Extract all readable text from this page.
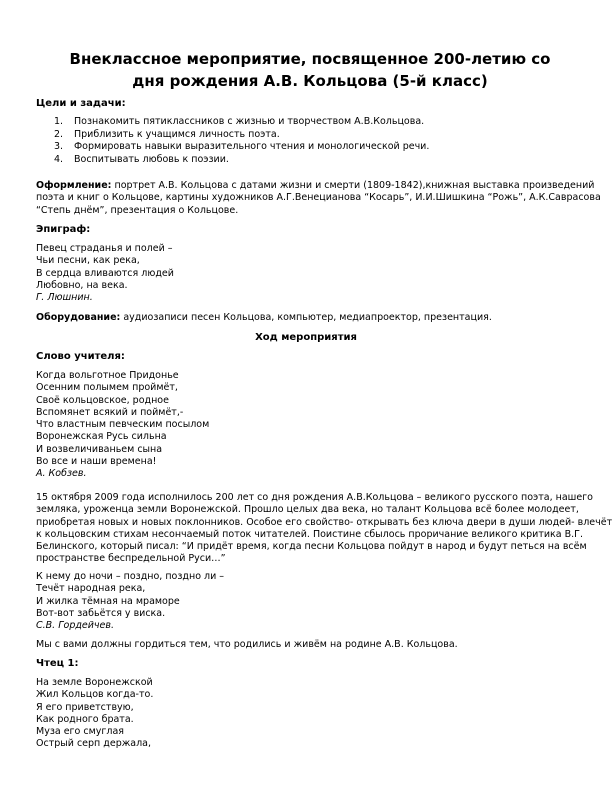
Внеклассное мероприятие, посвященное 200-летию со
дня рождения А.В. Кольцова (5-й класс)
Цели и задачи:
1. Познакомить пятиклассников с жизнью и творчеством А.В.Кольцова.
2. Приблизить к учащимся личность поэта.
3. Формировать навыки выразительного чтения и монологической речи.
4. Воспитывать любовь к поэзии.
Оформление: портрет А.В. Кольцова с датами жизни и смерти (1809-1842),книжная выставка произведений
поэта и книг о Кольцове, картины художников А.Г.Венецианова “Косарь”, И.И.Шишкина “Рожь”, А.К.Саврасова
“Степь днём”, презентация о Кольцове.
Эпиграф:
Певец страданья и полей –
Чьи песни, как река,
В сердца вливаются людей
Любовно, на века.
Г. Люшнин.
Оборудование: аудиозаписи песен Кольцова, компьютер, медиапроектор, презентация.
Ход мероприятия
Слово учителя:
Когда вольготное Придонье
Осенним полымем проймёт,
Своё кольцовское, родное
Вспомянет всякий и поймёт,-
Что властным певческим посылом
Воронежская Русь сильна
И возвеличиваньем сына
Во все и наши времена!
А. Кобзев.
15 октября 2009 года исполнилось 200 лет со дня рождения А.В.Кольцова – великого русского поэта, нашего
земляка, уроженца земли Воронежской. Прошло целых два века, но талант Кольцова всё более молодеет,
приобретая новых и новых поклонников. Особое его свойство- открывать без ключа двери в души людей- влечёт
к кольцовским стихам несончаемый поток читателей. Поистине сбылось проричание великого критика В.Г.
Белинского, который писал: “И придёт время, когда песни Кольцова пойдут в народ и будут петься на всём
пространстве беспредельной Руси…”
К нему до ночи – поздно, поздно ли –
Течёт народная река,
И жилка тёмная на мраморе
Вот-вот забьётся у виска.
С.В. Гордейчев.
Мы с вами должны гордиться тем, что родились и живём на родине А.В. Кольцова.
Чтец 1:
На земле Воронежской
Жил Кольцов когда-то.
Я его приветствую,
Как родного брата.
Муза его смуглая
Острый серп держала,
